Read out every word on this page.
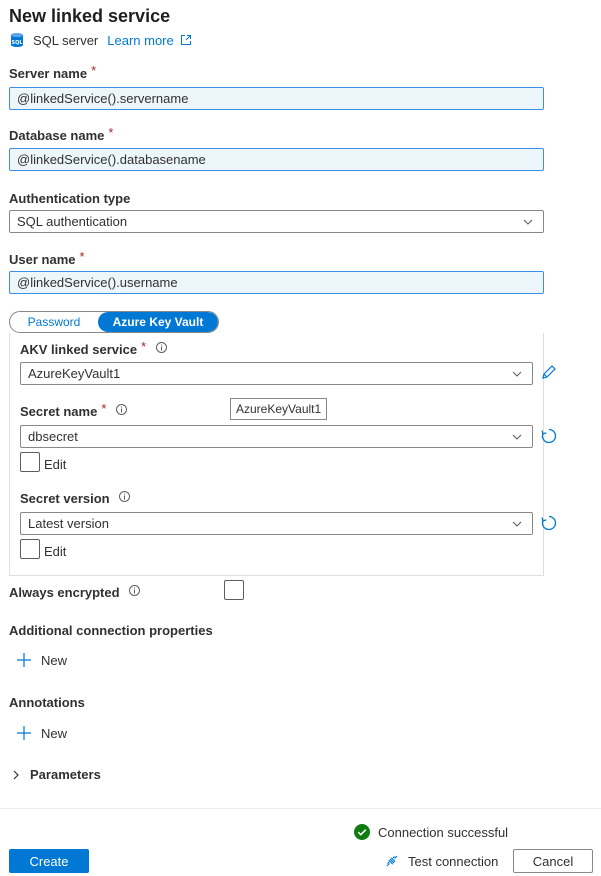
New linked service
SQL SQL server Learn more
Server name *
@linkedService().servername
Database name *
@linkedService().databasename
Authentication type
SQL authentication
User name *
@linkedService().username
Password	Azure Key Vault
AKV linked service *
AzureKeyVault1
AzureKeyVault1
Secret name *
dbsecret
Edit
Secret version
Latest version
Edit
Always encrypted
Additional connection properties
New
Annotations
New
Parameters
Connection successful
Create	Test connection	Cancel
